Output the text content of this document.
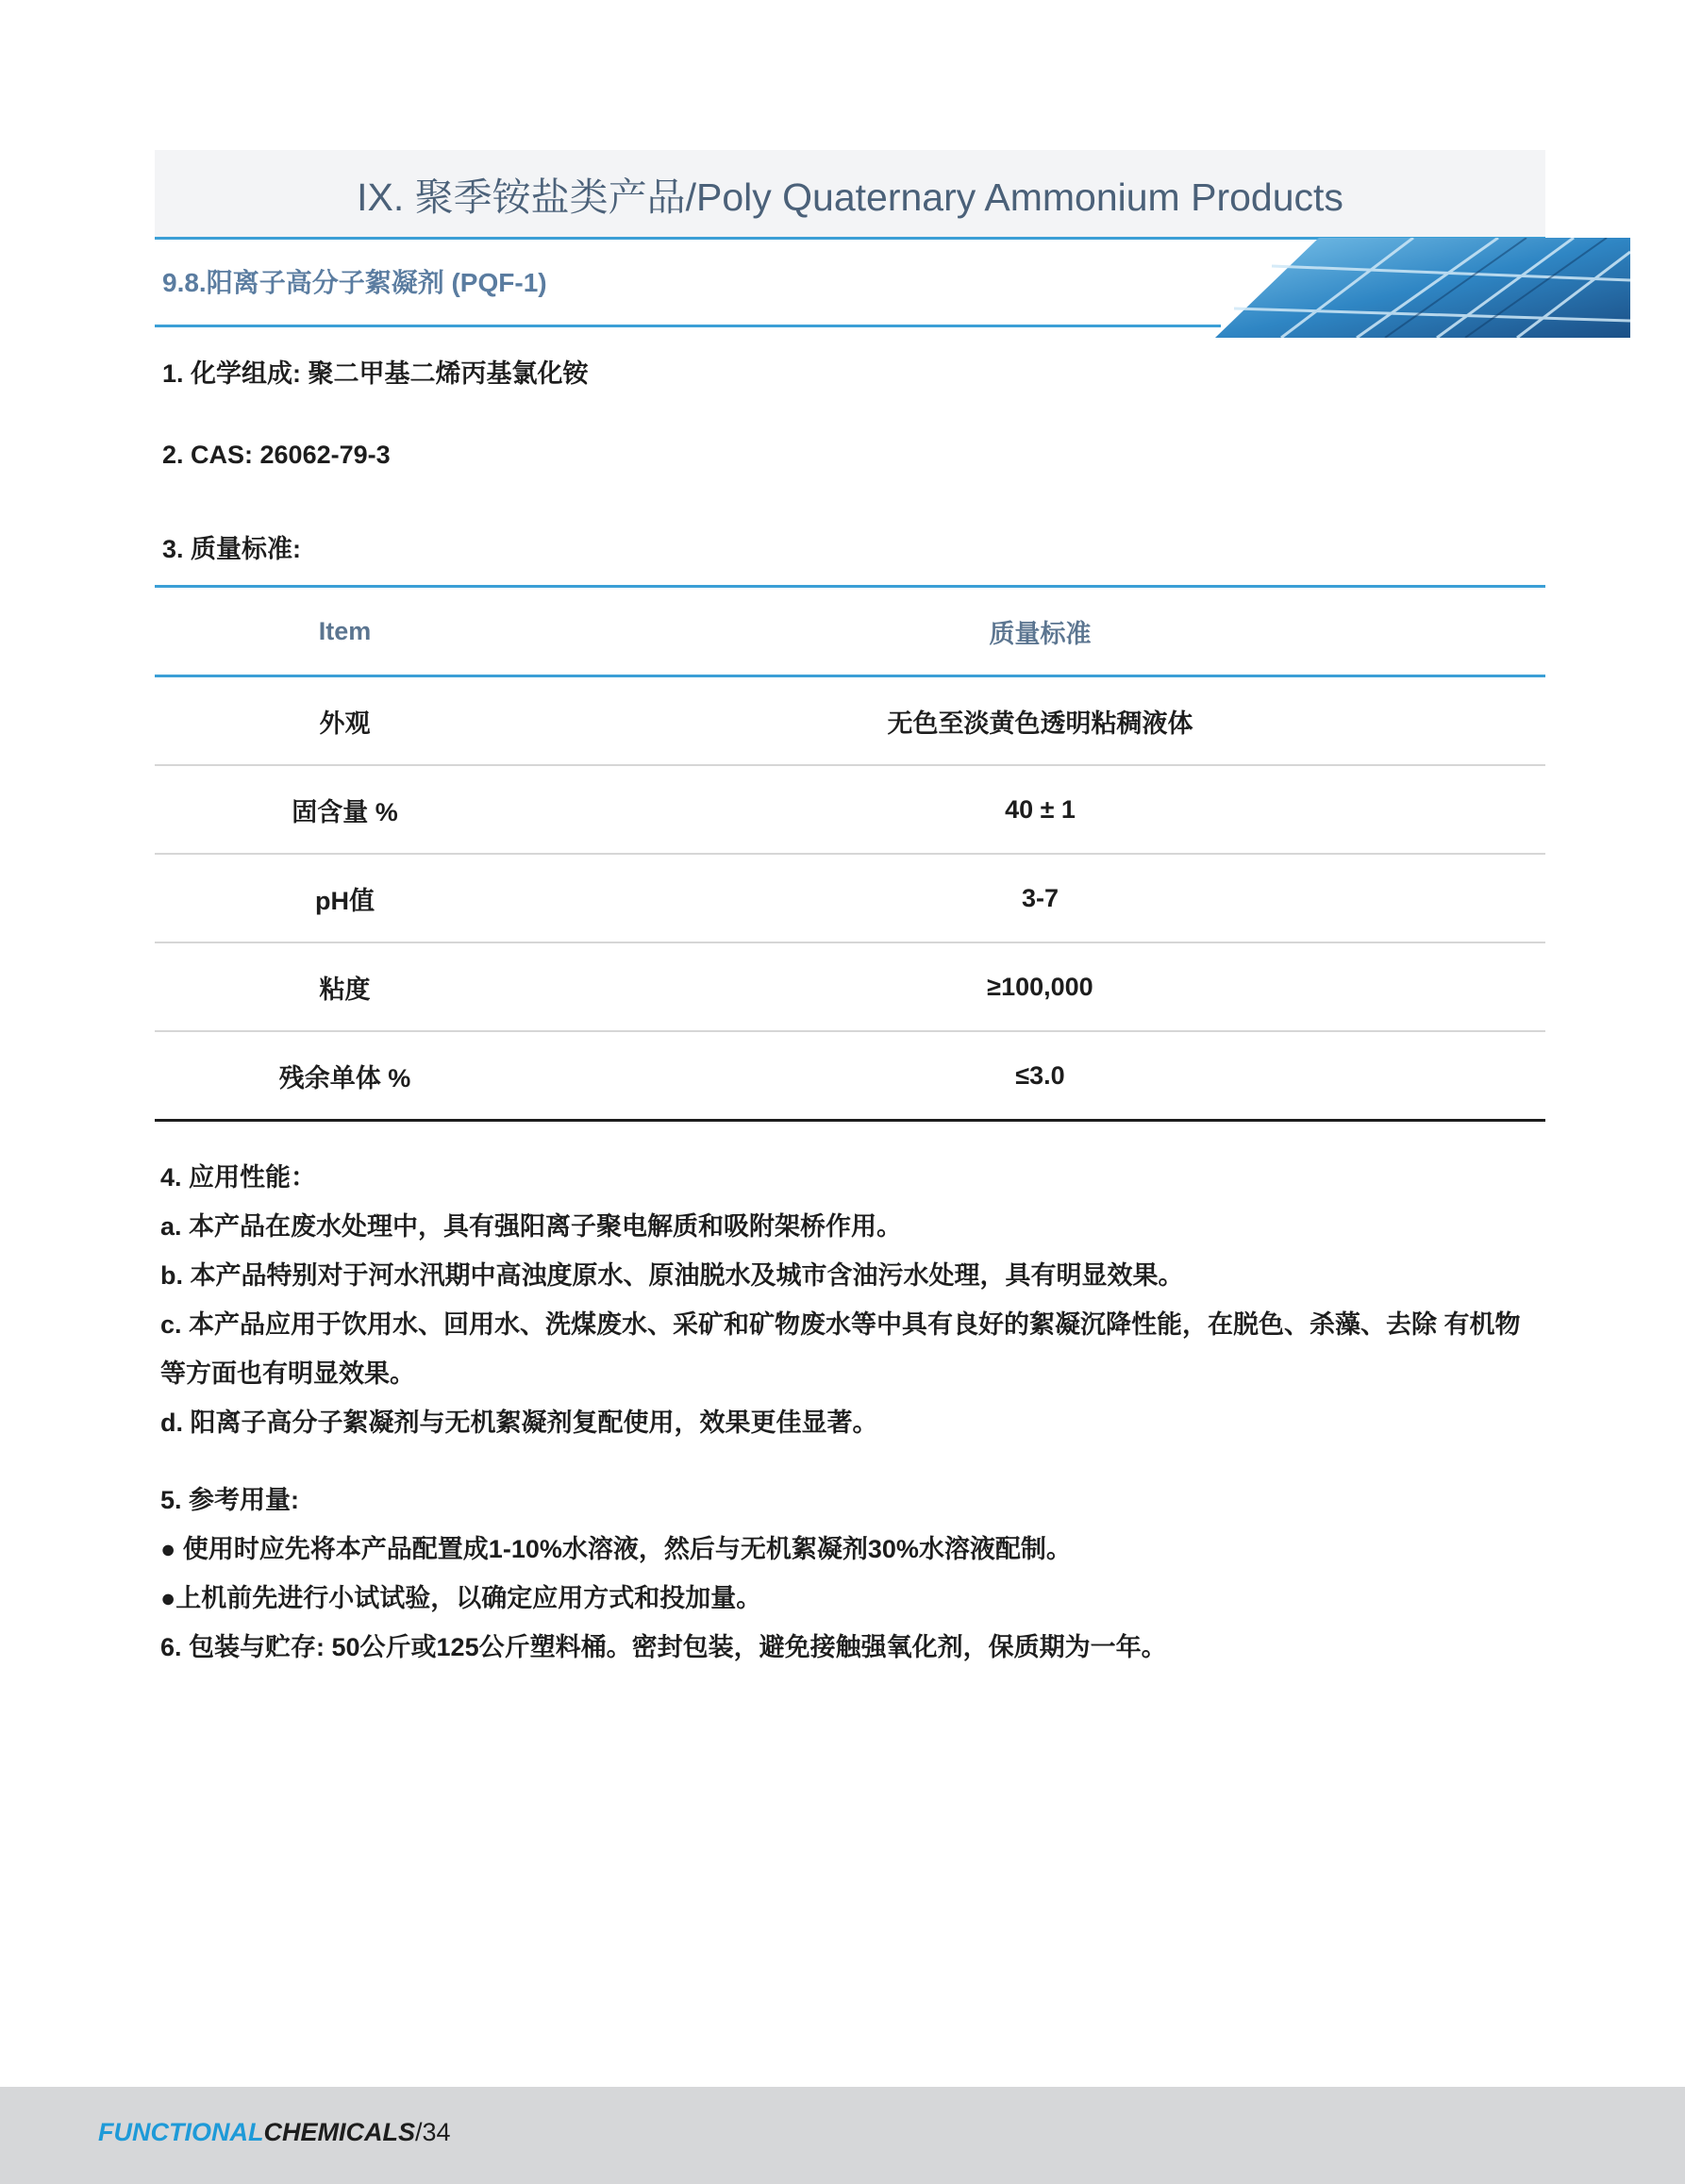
IX. 聚季铵盐类产品/Poly Quaternary Ammonium Products
9.8.阳离子高分子絮凝剂 (PQF-1)
1. 化学组成: 聚二甲基二烯丙基氯化铵
2. CAS: 26062-79-3
3. 质量标准:
Item	质量标准
外观	无色至淡黄色透明粘稠液体
固含量 %	40 ± 1
pH值	3-7
粘度	≥100,000
残余单体 %	≤3.0

4. 应用性能：

a. 本产品在废水处理中，具有强阳离子聚电解质和吸附架桥作用。

b. 本产品特别对于河水汛期中高浊度原水、原油脱水及城市含油污水处理，具有明显效果。

c. 本产品应用于饮用水、回用水、洗煤废水、采矿和矿物废水等中具有良好的絮凝沉降性能，在脱色、杀藻、去除 有机物等方面也有明显效果。

d. 阳离子高分子絮凝剂与无机絮凝剂复配使用，效果更佳显著。

5. 参考用量:

● 使用时应先将本产品配置成1-10%水溶液，然后与无机絮凝剂30%水溶液配制。

●上机前先进行小试试验，以确定应用方式和投加量。

6. 包装与贮存: 50公斤或125公斤塑料桶。密封包装，避免接触强氧化剂，保质期为一年。

FUNCTIONALCHEMICALS/34
